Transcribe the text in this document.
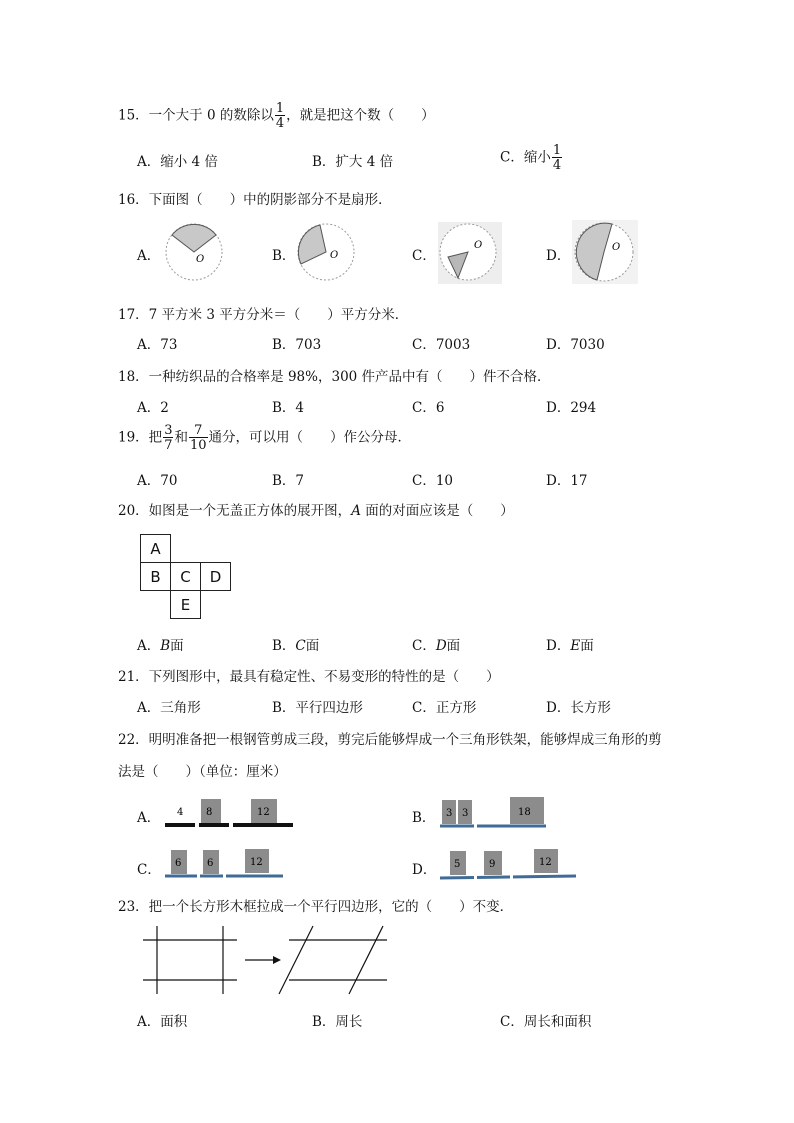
15．一个大于 0 的数除以 $\frac{1}{4}$ ，就是把这个数（　　）
A．缩小 4 倍	B．扩大 4 倍	C．缩小 $\frac{1}{4}$
16．下面图（　　）中的阴影部分不是扇形．
A．	B．	C．	D．
O	O
O	O
17．7 平方米 3 平方分米＝（　　）平方分米．
A．73	B．703	C．7003	D．7030
18．一种纺织品的合格率是 98%，300 件产品中有（　　）件不合格．
A．2	B．4	C．6	D．294
19．把 $\frac{3}{7}$ 和 $\frac{7}{10}$ 通分，可以用（　　）作公分母．
A．70	B．7	C．10	D．17
20．如图是一个无盖正方体的展开图，A 面的对面应该是（　　）
A		
B	C	D
	E	
A．B面	B．C面	C．D面	D．E面
21．下列图形中，最具有稳定性、不易变形的特性的是（　　）
A．三角形	B．平行四边形	C．正方形	D．长方形
22．明明准备把一根钢管剪成三段，剪完后能够焊成一个三角形铁架，能够焊成三角形的剪
法是（　　）（单位：厘米）
A． 4 8	12	B． 3 3	18
C． 6	6	12	D． 5	9	12
23．把一个长方形木框拉成一个平行四边形，它的（　　）不变．
A．面积	B．周长	C．周长和面积
